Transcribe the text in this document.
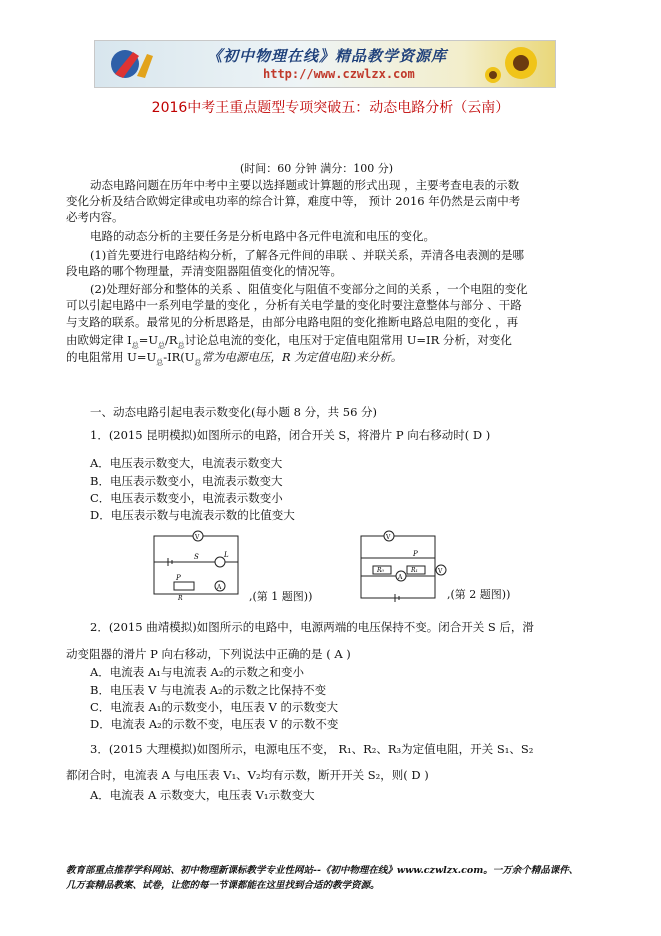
《初中物理在线》精品教学资源库
http://www.czwlzx.com
2016中考王重点题型专项突破五：动态电路分析（云南）
(时间：60 分钟 满分：100 分)
动态电路问题在历年中考中主要以选择题或计算题的形式出现 ，主要考查电表的示数
变化分析及结合欧姆定律或电功率的综合计算，难度中等， 预计 2016 年仍然是云南中考
必考内容。
电路的动态分析的主要任务是分析电路中各元件电流和电压的变化。
(1)首先要进行电路结构分析，了解各元件间的串联 、并联关系，弄清各电表测的是哪
段电路的哪个物理量，弄清变阻器阻值变化的情况等。
(2)处理好部分和整体的关系 、阻值变化与阻值不变部分之间的关系 ，一个电阻的变化
可以引起电路中一系列电学量的变化 ，分析有关电学量的变化时要注意整体与部分 、干路
与支路的联系。最常见的分析思路是，由部分电路电阻的变化推断电路总电阻的变化 ，再
由欧姆定律 $I_总=U_总/R_总$讨论总电流的变化，电压对于定值电阻常用 U=IR 分析，对变化
的电阻常用 $U=U_总-IR(U_总$常为电源电压，R 为定值电阻)来分析。
一、动态电路引起电表示数变化(每小题 8 分，共 56 分)
1．(2015 昆明模拟)如图所示的电路，闭合开关 S，将滑片 P 向右移动时( D )
A．电压表示数变大，电流表示数变大
B．电压表示数变小，电流表示数变大
C．电压表示数变小，电流表示数变小
D．电压表示数与电流表示数的比值变大
V
S	L
A
P
R	,(第 1 题图))
V
P
R₀	R₁
A
V
,(第 2 题图))
2．(2015 曲靖模拟)如图所示的电路中，电源两端的电压保持不变。闭合开关 S 后，滑
动变阻器的滑片 P 向右移动，下列说法中正确的是 ( A )
A．电流表 A₁与电流表 A₂的示数之和变小
B．电压表 V 与电流表 A₂的示数之比保持不变
C．电流表 A₁的示数变小，电压表 V 的示数变大
D．电流表 A₂的示数不变，电压表 V 的示数不变
3．(2015 大理模拟)如图所示，电源电压不变， R₁、R₂、R₃为定值电阻，开关 S₁、S₂
都闭合时，电流表 A 与电压表 V₁、V₂均有示数，断开开关 S₂，则( D )
A．电流表 A 示数变大，电压表 V₁示数变大
教育部重点推荐学科网站、初中物理新课标教学专业性网站--《初中物理在线》www.czwlzx.com。一万余个精品课件、
几万套精品教案、试卷，让您的每一节课都能在这里找到合适的教学资源。
